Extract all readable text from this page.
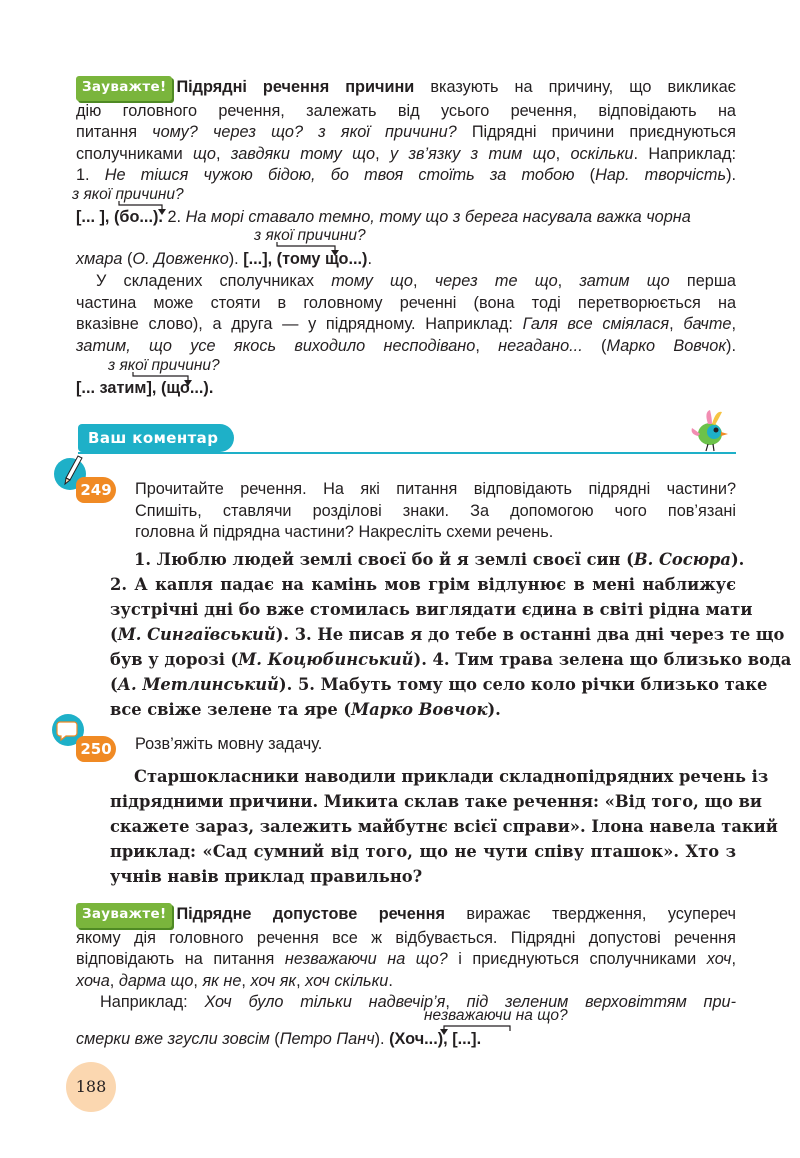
Зауважте! Підрядні речення причини вказують на причину, що викликає
дію головного речення, залежать від усього речення, відповідають на
питання чому? через що? з якої причини? Підрядні причини приєднуються
сполучниками що, завдяки тому що, у зв’язку з тим що, оскільки. Наприклад:
1. Не тішся чужою бідою, бо твоя стоїть за тобою (Нар. творчість).
з якої причини?
[... ], (бо...). 2. На морі ставало темно, тому що з берега насувала важка чорна
з якої причини?
хмара (О. Довженко). [...], (тому що...).
У складених сполучниках тому що, через те що, затим що перша
частина може стояти в головному реченні (вона тоді перетворюється на
вказівне слово), а друга — у підрядному. Наприклад: Галя все сміялася, бачте,
затим, що усе якось виходило несподівано, негадано... (Марко Вовчок).
з якої причини?
[... затим], (що...).
Ваш коментар
249 Прочитайте речення. На які питання відповідають підрядні частини?
Спишіть, ставлячи розділові знаки. За допомогою чого пов’язані
головна й підрядна частини? Накресліть схеми речень.
1. Люблю людей землі своєї бо й я землі своєї син (В. Сосюра).
2. А капля падає на камінь мов грім відлунює в мені наближує
зустрічні дні бо вже стомилась виглядати єдина в світі рідна мати
(М. Сингаївський). 3. Не писав я до тебе в останні два дні через те що
був у дорозі (М. Коцюбинський). 4. Тим трава зелена що близько вода
(А. Метлинський). 5. Мабуть тому що село коло річки близько таке
все свіже зелене та яре (Марко Вовчок).
250 Розв’яжіть мовну задачу.
Старшокласники наводили приклади складнопідрядних речень із
підрядними причини. Микита склав таке речення: «Від того, що ви
скажете зараз, залежить майбутнє всієї справи». Ілона навела такий
приклад: «Сад сумний від того, що не чути співу пташок». Хто з
учнів навів приклад правильно?
Зауважте! Підрядне допустове речення виражає твердження, усупереч
якому дія головного речення все ж відбувається. Підрядні допустові речення
відповідають на питання незважаючи на що? і приєднуються сполучниками хоч,
хоча, дарма що, як не, хоч як, хоч скільки.
Наприклад: Хоч було тільки надвечір’я, під зеленим верховіттям при-
незважаючи на що?
смерки вже згусли зовсім (Петро Панч). (Хоч...), [...].
188
